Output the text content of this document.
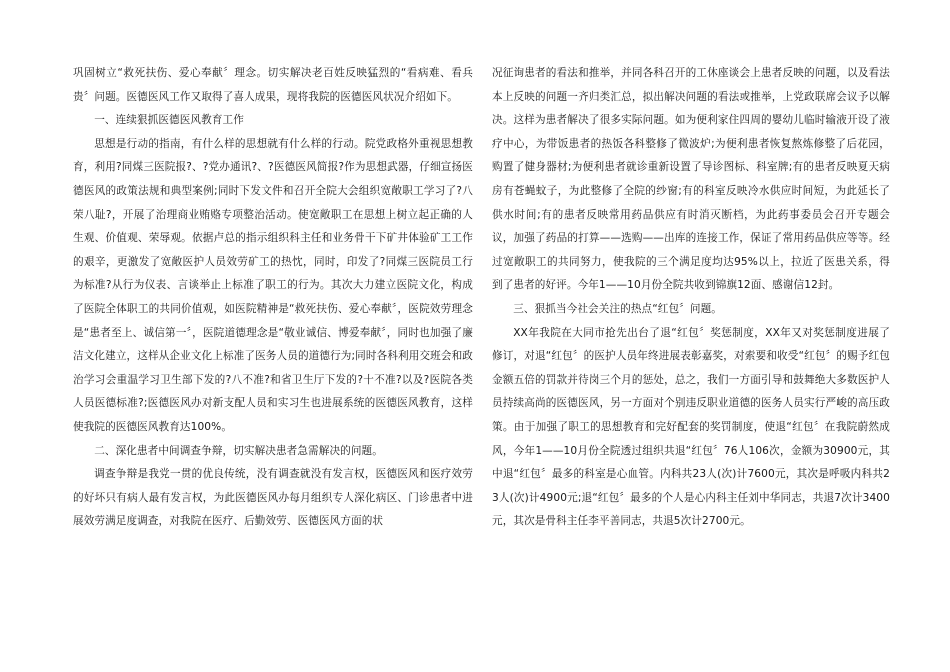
巩固树立“救死扶伤、爱心奉献〞理念。切实解决老百姓反映猛烈的“看病难、看兵贵〞问题。医德医风工作又取得了喜人成果，现将我院的医德医风状况介绍如下。

一、连续狠抓医德医风教育工作

思想是行动的指南，有什么样的思想就有什么样的行动。院党政格外重视思想教育，利用?同煤三医院报?、?党办通讯?、?医德医风简报?作为思想武器，仔细宣扬医德医风的政策法规和典型案例;同时下发文件和召开全院大会组织宽敞职工学习了?八荣八耻?，开展了治理商业贿赂专项整治活动。使宽敞职工在思想上树立起正确的人生观、价值观、荣辱观。依据卢总的指示组织科主任和业务骨干下矿井体验矿工工作的艰辛，更激发了宽敞医护人员效劳矿工的热忱，同时，印发了?同煤三医院员工行为标准?从行为仪表、言谈举止上标准了职工的行为。其次大力建立医院文化，构成了医院全体职工的共同价值观，如医院精神是“救死扶伤、爱心奉献〞，医院效劳理念是“患者至上、诚信第一〞，医院道德理念是“敬业诚信、博爱奉献〞，同时也加强了廉洁文化建立，这样从企业文化上标准了医务人员的道德行为;同时各科利用交班会和政治学习会重温学习卫生部下发的?八不准?和省卫生厅下发的?十不准?以及?医院各类人员医德标准?;医德医风办对新支配人员和实习生也进展系统的医德医风教育，这样使我院的医德医风教育达100%。

二、深化患者中间调查争辩，切实解决患者急需解决的问题。

调查争辩是我党一贯的优良传统，没有调查就没有发言权，医德医风和医疗效劳的好坏只有病人最有发言权，为此医德医风办每月组织专人深化病区、门诊患者中进展效劳满足度调查，对我院在医疗、后勤效劳、医德医风方面的状

况征询患者的看法和推举，并同各科召开的工休座谈会上患者反映的问题，以及看法本上反映的问题一齐归类汇总，拟出解决问题的看法或推举，上党政联席会议予以解决。这样为患者解决了很多实际问题。如为便利家住四周的婴幼儿临时输液开设了液疗中心，为带饭患者的热饭各科整修了微波炉;为便利患者恢复熬炼修整了后花园，购置了健身器材;为便利患者就诊重新设置了导诊图标、科室牌;有的患者反映夏天病房有苍蝇蚊子，为此整修了全院的纱窗;有的科室反映冷水供应时间短，为此延长了供水时间;有的患者反映常用药品供应有时消灭断档，为此药事委员会召开专题会议，加强了药品的打算——选购——出库的连接工作，保证了常用药品供应等等。经过宽敞职工的共同努力，使我院的三个满足度均达95%以上，拉近了医患关系，得到了患者的好评。今年1——10月份全院共收到锦旗12面、感谢信12封。

三、狠抓当今社会关注的热点“红包〞问题。

XX年我院在大同市抢先出台了退“红包〞奖惩制度，XX年又对奖惩制度进展了修订，对退“红包〞的医护人员年终进展表彰嘉奖，对索要和收受“红包〞的赐予红包金额五倍的罚款并待岗三个月的惩处，总之，我们一方面引导和鼓舞绝大多数医护人员持续高尚的医德医风，另一方面对个别违反职业道德的医务人员实行严峻的高压政策。由于加强了职工的思想教育和完好配套的奖罚制度，使退“红包〞在我院蔚然成风，今年1——10月份全院透过组织共退“红包〞76人106次，金额为30900元，其中退“红包〞最多的科室是心血管。内科共23人(次)计7600元，其次是呼吸内科共23人(次)计4900元;退“红包〞最多的个人是心内科主任刘中华同志，共退7次计3400元，其次是骨科主任李平善同志，共退5次计2700元。
